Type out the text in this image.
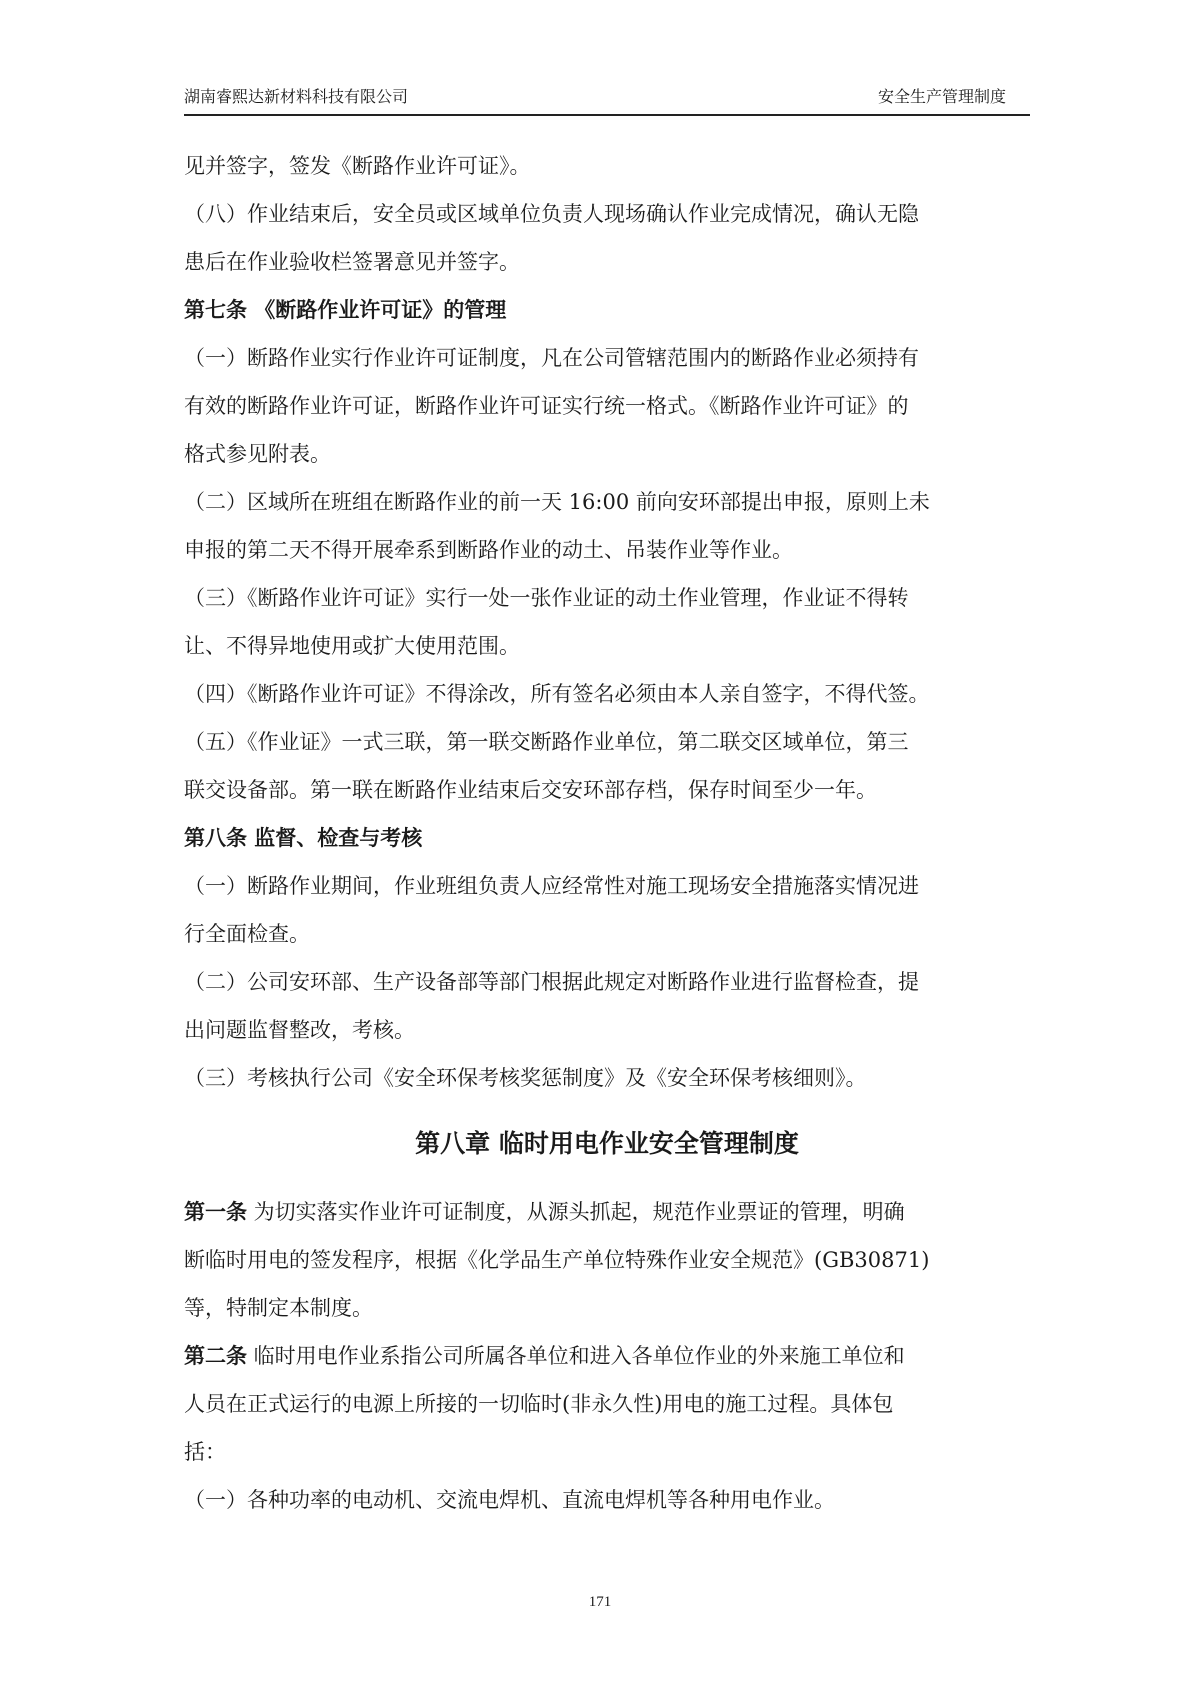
湖南睿熙达新材料科技有限公司	安全生产管理制度

见并签字，签发《断路作业许可证》。

（八）作业结束后，安全员或区域单位负责人现场确认作业完成情况，确认无隐

患后在作业验收栏签署意见并签字。

第七条 《断路作业许可证》的管理

（一）断路作业实行作业许可证制度，凡在公司管辖范围内的断路作业必须持有

有效的断路作业许可证，断路作业许可证实行统一格式。《断路作业许可证》的

格式参见附表。

（二）区域所在班组在断路作业的前一天 16:00 前向安环部提出申报，原则上未

申报的第二天不得开展牵系到断路作业的动土、吊装作业等作业。

（三）《断路作业许可证》实行一处一张作业证的动土作业管理，作业证不得转

让、不得异地使用或扩大使用范围。

（四）《断路作业许可证》不得涂改，所有签名必须由本人亲自签字，不得代签。

（五）《作业证》一式三联，第一联交断路作业单位，第二联交区域单位，第三

联交设备部。第一联在断路作业结束后交安环部存档，保存时间至少一年。

第八条 监督、检查与考核

（一）断路作业期间，作业班组负责人应经常性对施工现场安全措施落实情况进

行全面检查。

（二）公司安环部、生产设备部等部门根据此规定对断路作业进行监督检查，提

出问题监督整改，考核。

（三）考核执行公司《安全环保考核奖惩制度》及《安全环保考核细则》。

第八章 临时用电作业安全管理制度

第一条 为切实落实作业许可证制度，从源头抓起，规范作业票证的管理，明确

断临时用电的签发程序，根据《化学品生产单位特殊作业安全规范》(GB30871)

等，特制定本制度。

第二条 临时用电作业系指公司所属各单位和进入各单位作业的外来施工单位和

人员在正式运行的电源上所接的一切临时(非永久性)用电的施工过程。具体包

括：

（一）各种功率的电动机、交流电焊机、直流电焊机等各种用电作业。

171
